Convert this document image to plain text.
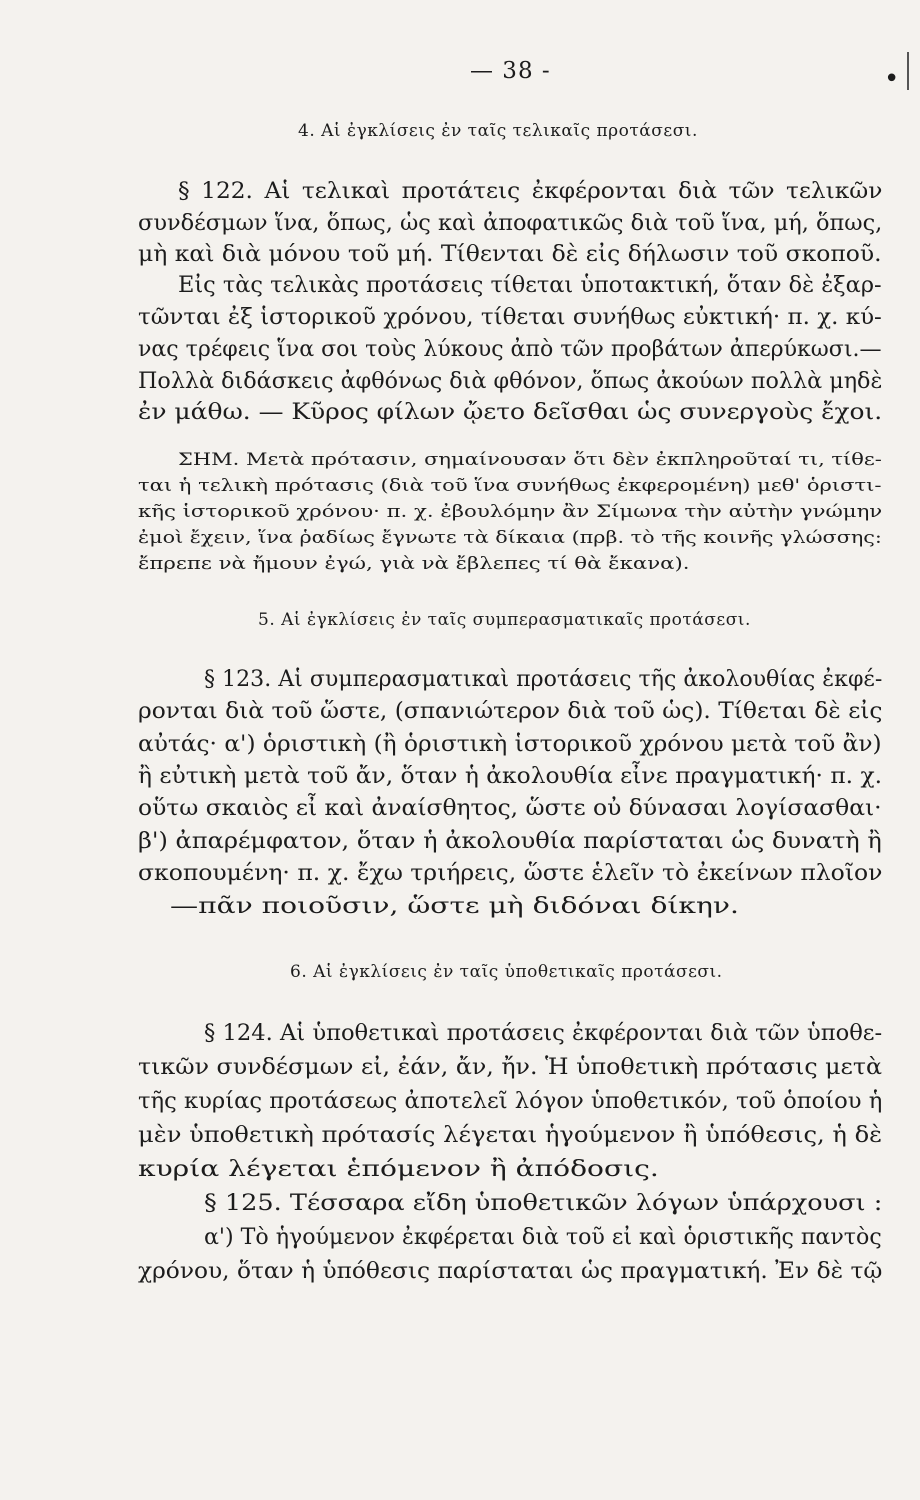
— 38 -	•
4. Αἱ ἐγκλίσεις ἐν ταῖς τελικαῖς προτάσεσι.
§ 122. Αἱ τελικαὶ προτάτεις ἐκφέρονται διὰ τῶν τελικῶν
συνδέσμων ἵνα, ὅπως, ὡς καὶ ἀποφατικῶς διὰ τοῦ ἵνα, μή, ὅπως,
μὴ καὶ διὰ μόνου τοῦ μή. Τίθενται δὲ εἰς δήλωσιν τοῦ σκοποῦ.
Εἰς τὰς τελικὰς προτάσεις τίθεται ὑποτακτική, ὅταν δὲ ἐξαρ-
τῶνται ἐξ ἱστορικοῦ χρόνου, τίθεται συνήθως εὐκτική· π. χ. κύ-
νας τρέφεις ἵνα σοι τοὺς λύκους ἀπὸ τῶν προβάτων ἀπερύκωσι.—
Πολλὰ διδάσκεις ἀφθόνως διὰ φθόνον, ὅπως ἀκούων πολλὰ μηδὲ
ἐν μάθω. — Κῦρος φίλων ᾤετο δεῖσθαι ὡς συνεργοὺς ἔχοι.
ΣΗΜ. Μετὰ πρότασιν, σημαίνουσαν ὅτι δὲν ἐκπληροῦταί τι, τίθε-
ται ἡ τελικὴ πρότασις (διὰ τοῦ ἵνα συνήθως ἐκφερομένη) μεθ' ὁριστι-
κῆς ἱστορικοῦ χρόνου· π. χ. ἐβουλόμην ἂν Σίμωνα τὴν αὐτὴν γνώμην
ἐμοὶ ἔχειν, ἵνα ῥαδίως ἔγνωτε τὰ δίκαια (πρβ. τὸ τῆς κοινῆς γλώσσης:
ἔπρεπε νὰ ἤμουν ἐγώ, γιὰ νὰ ἔβλεπες τί θὰ ἔκανα).
5. Αἱ ἐγκλίσεις ἐν ταῖς συμπερασματικαῖς προτάσεσι.
§ 123. Αἱ συμπερασματικαὶ προτάσεις τῆς ἀκολουθίας ἐκφέ-
ρονται διὰ τοῦ ὥστε, (σπανιώτερον διὰ τοῦ ὡς). Τίθεται δὲ εἰς
αὐτάς· α') ὁριστικὴ (ἢ ὁριστικὴ ἱστορικοῦ χρόνου μετὰ τοῦ ἂν)
ἢ εὐτικὴ μετὰ τοῦ ἄν, ὅταν ἡ ἀκολουθία εἶνε πραγματική· π. χ.
οὕτω σκαιὸς εἶ καὶ ἀναίσθητος, ὥστε οὐ δύνασαι λογίσασθαι·
β') ἀπαρέμφατον, ὅταν ἡ ἀκολουθία παρίσταται ὡς δυνατὴ ἢ
σκοπουμένη· π. χ. ἔχω τριήρεις, ὥστε ἑλεῖν τὸ ἐκείνων πλοῖον
—πᾶν ποιοῦσιν, ὥστε μὴ διδόναι δίκην.
6. Αἱ ἐγκλίσεις ἐν ταῖς ὑποθετικαῖς προτάσεσι.
§ 124. Αἱ ὑποθετικαὶ προτάσεις ἐκφέρονται διὰ τῶν ὑποθε-
τικῶν συνδέσμων εἰ, ἐάν, ἄν, ἤν. Ἡ ὑποθετικὴ πρότασις μετὰ
τῆς κυρίας προτάσεως ἀποτελεῖ λόγον ὑποθετικόν, τοῦ ὁποίου ἡ
μὲν ὑποθετικὴ πρότασίς λέγεται ἡγούμενον ἢ ὑπόθεσις, ἡ δὲ
κυρία λέγεται ἑπόμενον ἢ ἀπόδοσις.
§ 125. Τέσσαρα εἴδη ὑποθετικῶν λόγων ὑπάρχουσι :
α') Τὸ ἡγούμενον ἐκφέρεται διὰ τοῦ εἰ καὶ ὁριστικῆς παντὸς
χρόνου, ὅταν ἡ ὑπόθεσις παρίσταται ὡς πραγματική. Ἐν δὲ τῷ
